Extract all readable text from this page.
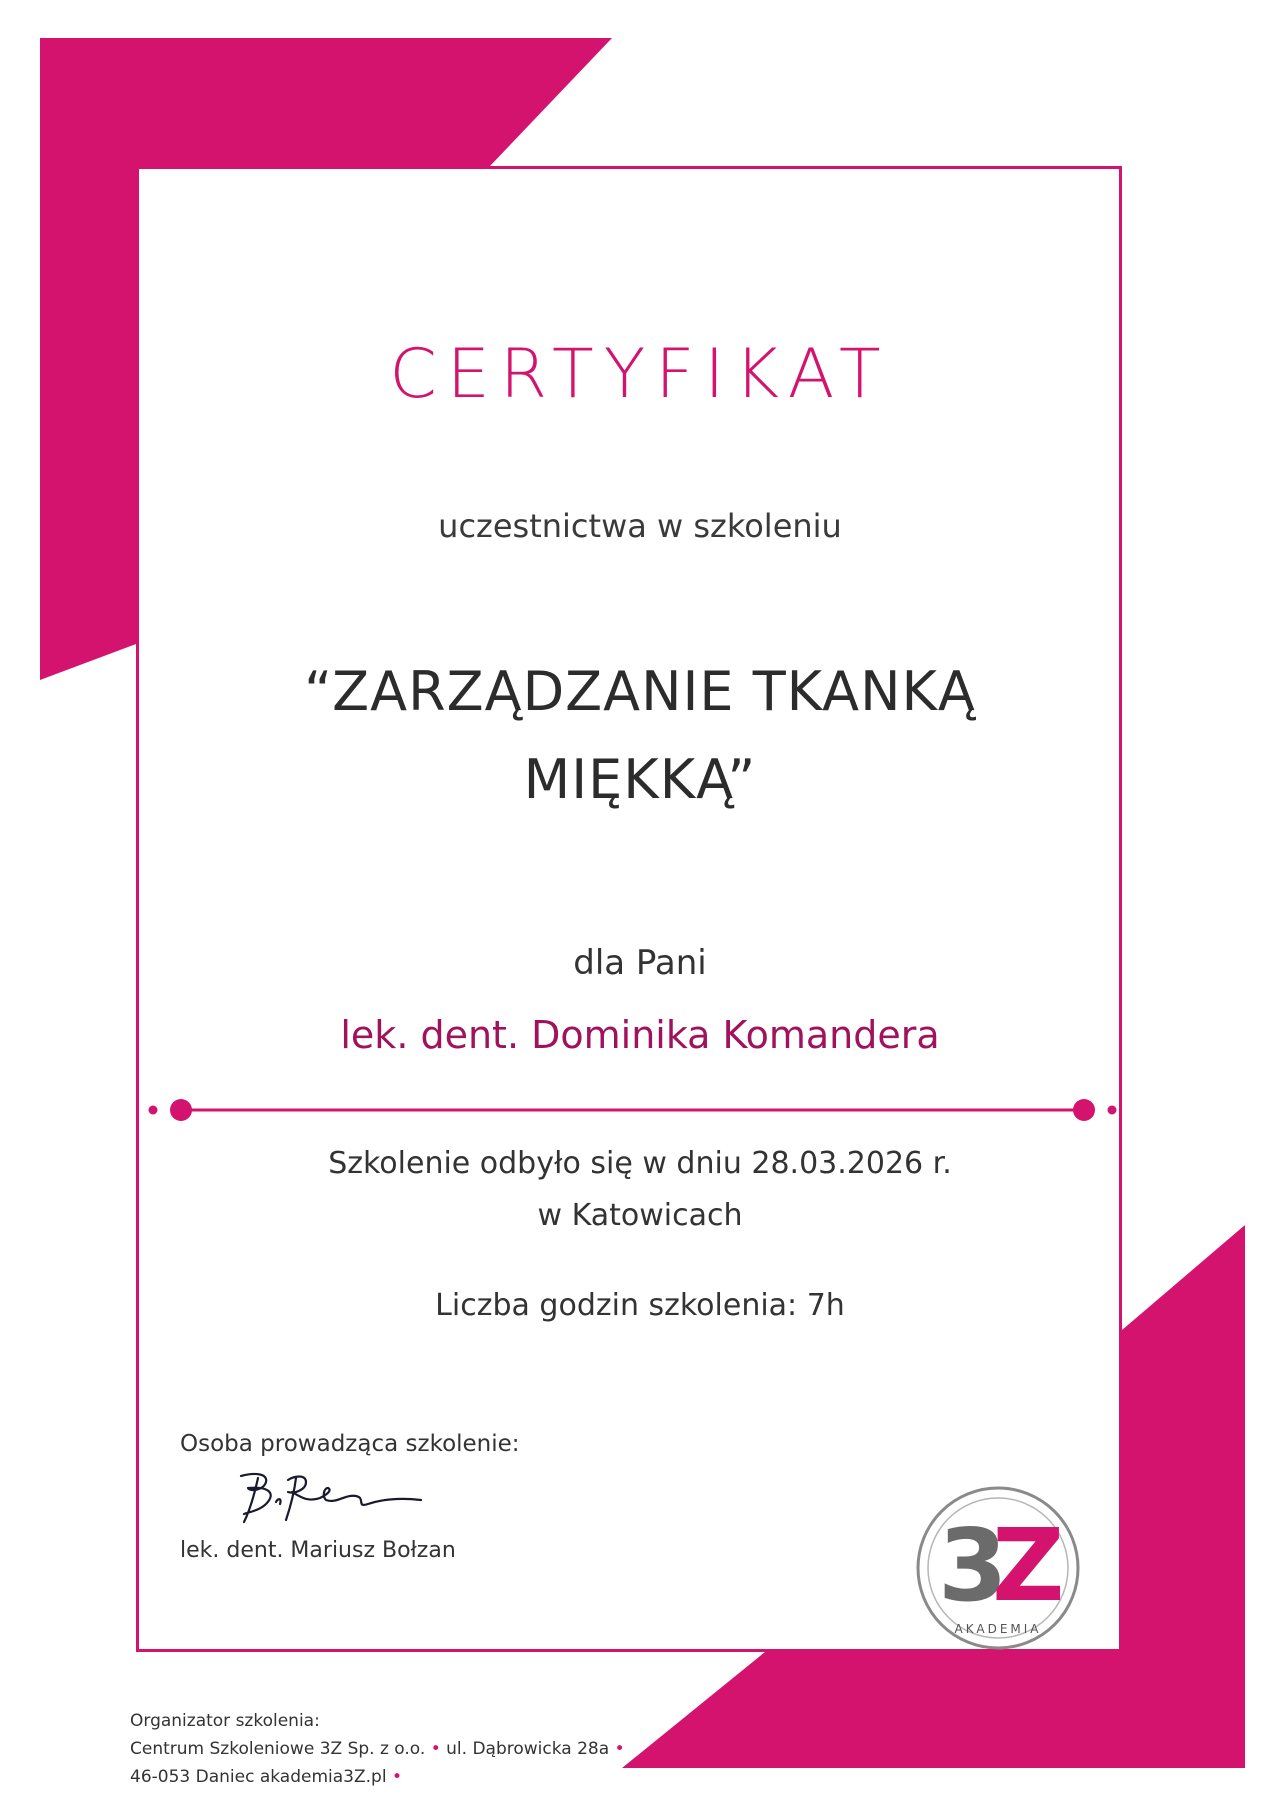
CERTYFIKAT
uczestnictwa w szkoleniu
“ZARZĄDZANIE TKANKĄ
MIĘKKĄ”
dla Pani
lek. dent. Dominika Komandera
Szkolenie odbyło się w dniu 28.03.2026 r.
w Katowicach
Liczba godzin szkolenia: 7h
Osoba prowadząca szkolenie:
lek. dent. Mariusz Bołzan	3
Z
AKADEMIA
Organizator szkolenia:
Centrum Szkoleniowe 3Z Sp. z o.o. • ul. Dąbrowicka 28a •
46-053 Daniec akademia3Z.pl •
